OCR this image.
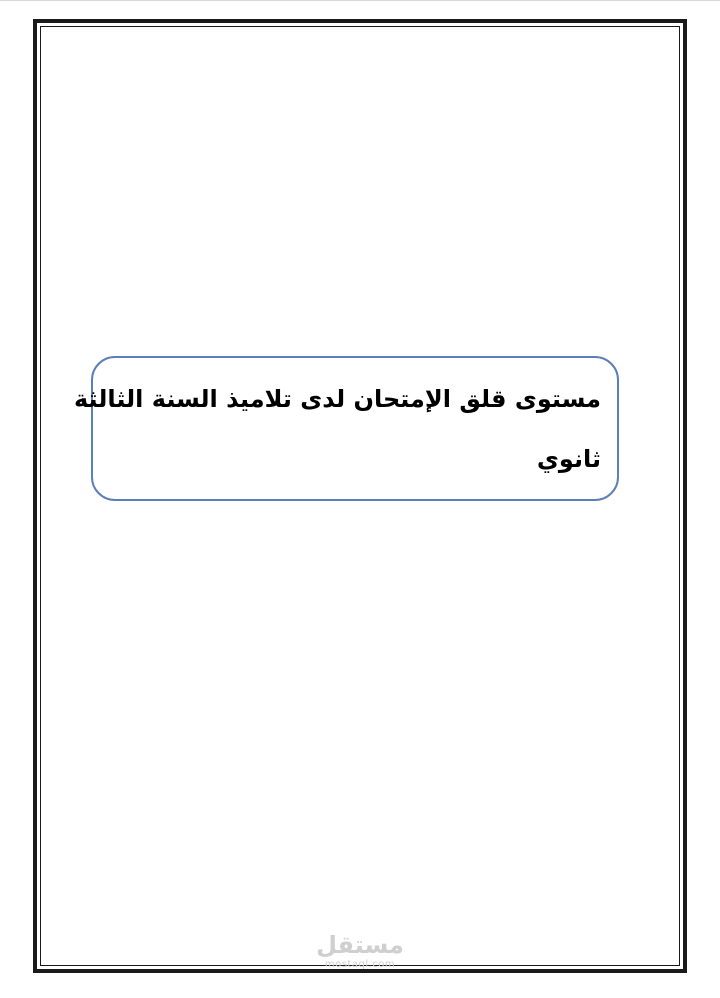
مستوى قلق الإمتحان لدى تلاميذ السنة الثالثة
ثانوي
مستقل
mostaql.com
